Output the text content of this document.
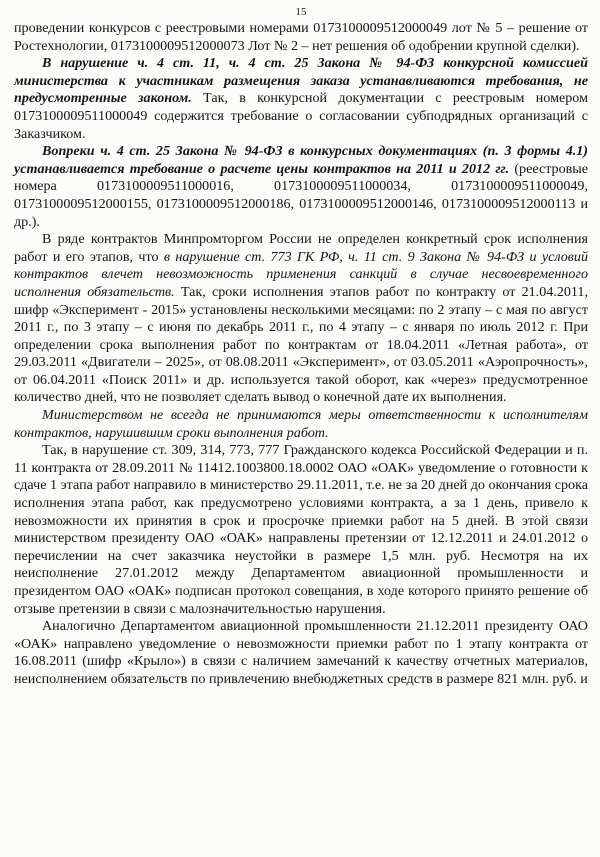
15

проведении конкурсов с реестровыми номерами 0173100009512000049 лот № 5 – решение от Ростехнологии, 0173100009512000073 Лот № 2 – нет решения об одобрении крупной сделки).

В нарушение ч. 4 ст. 11, ч. 4 ст. 25 Закона № 94-ФЗ конкурсной комиссией министерства к участникам размещения заказа устанавливаются требования, не предусмотренные законом. Так, в конкурсной документации с реестровым номером 0173100009511000049 содержится требование о согласовании субподрядных организаций с Заказчиком.

Вопреки ч. 4 ст. 25 Закона № 94-ФЗ в конкурсных документациях (п. 3 формы 4.1) устанавливается требование о расчете цены контрактов на 2011 и 2012 гг. (реестровые номера 0173100009511000016, 0173100009511000034, 0173100009511000049, 0173100009512000155, 0173100009512000186, 0173100009512000146, 0173100009512000113 и др.).

В ряде контрактов Минпромторгом России не определен конкретный срок исполнения работ и его этапов, что в нарушение ст. 773 ГК РФ, ч. 11 ст. 9 Закона № 94-ФЗ и условий контрактов влечет невозможность применения санкций в случае несвоевременного исполнения обязательств. Так, сроки исполнения этапов работ по контракту от 21.04.2011, шифр «Эксперимент - 2015» установлены несколькими месяцами: по 2 этапу – с мая по август 2011 г., по 3 этапу – с июня по декабрь 2011 г., по 4 этапу – с января по июль 2012 г. При определении срока выполнения работ по контрактам от 18.04.2011 «Летная работа», от 29.03.2011 «Двигатели – 2025», от 08.08.2011 «Эксперимент», от 03.05.2011 «Аэропрочность», от 06.04.2011 «Поиск 2011» и др. используется такой оборот, как «через» предусмотренное количество дней, что не позволяет сделать вывод о конечной дате их выполнения.

Министерством не всегда не принимаются меры ответственности к исполнителям контрактов, нарушившим сроки выполнения работ.

Так, в нарушение ст. 309, 314, 773, 777 Гражданского кодекса Российской Федерации и п. 11 контракта от 28.09.2011 № 11412.1003800.18.0002 ОАО «ОАК» уведомление о готовности к сдаче 1 этапа работ направило в министерство 29.11.2011, т.е. не за 20 дней до окончания срока исполнения этапа работ, как предусмотрено условиями контракта, а за 1 день, привело к невозможности их принятия в срок и просрочке приемки работ на 5 дней. В этой связи министерством президенту ОАО «ОАК» направлены претензии от 12.12.2011 и 24.01.2012 о перечислении на счет заказчика неустойки в размере 1,5 млн. руб. Несмотря на их неисполнение 27.01.2012 между Департаментом авиационной промышленности и президентом ОАО «ОАК» подписан протокол совещания, в ходе которого принято решение об отзыве претензии в связи с малозначительностью нарушения.

Аналогично Департаментом авиационной промышленности 21.12.2011 президенту ОАО «ОАК» направлено уведомление о невозможности приемки работ по 1 этапу контракта от 16.08.2011 (шифр «Крыло») в связи с наличием замечаний к качеству отчетных материалов, неисполнением обязательств по привлечению внебюджетных средств в размере 821 млн. руб. и
